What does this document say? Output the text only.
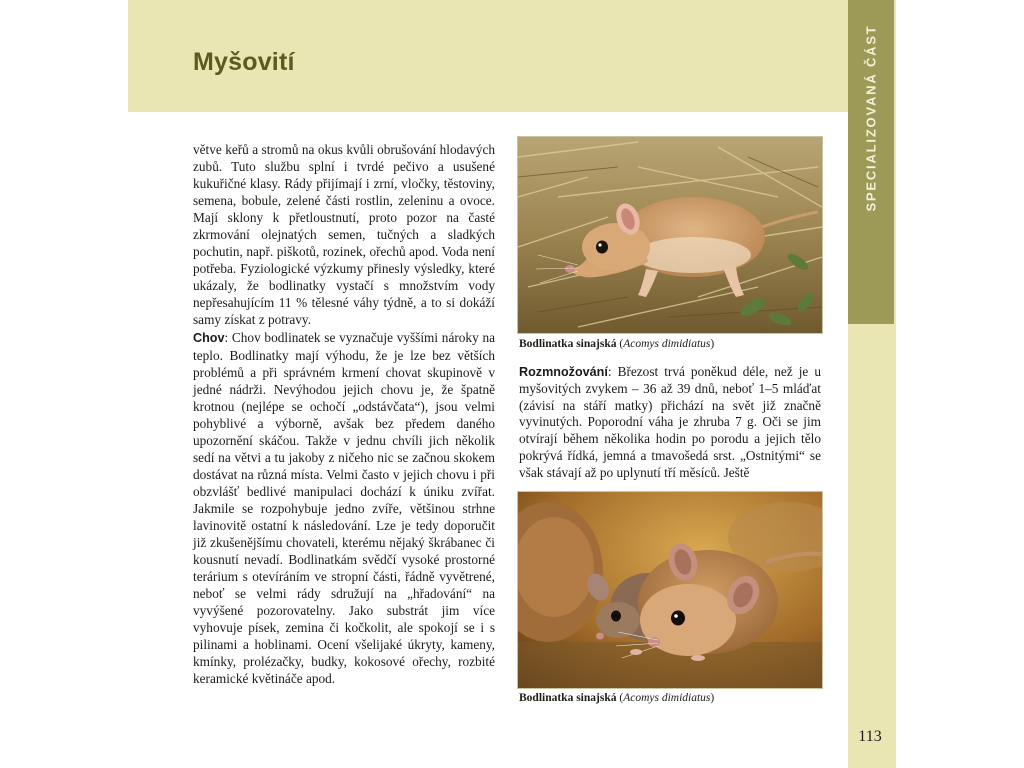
Myšovití	SPECIALIZOVANÁ ČÁST
113

větve keřů a stromů na okus kvůli obrušování hlodavých zubů. Tuto službu splní i tvrdé pečivo a usušené kukuřičné klasy. Rády přijímají i zrní, vločky, těstoviny, semena, bobule, zelené části rostlin, zeleninu a ovoce. Mají sklony k přetloustnutí, proto pozor na časté zkrmování olejnatých semen, tučných a sladkých pochutin, např. piškotů, rozinek, ořechů apod. Voda není potřeba. Fyziologické výzkumy přinesly výsledky, které ukázaly, že bodlinatky vystačí s množstvím vody nepřesahujícím 11 % tělesné váhy týdně, a to si dokáží samy získat z potravy.

Chov: Chov bodlinatek se vyznačuje vyššími nároky na teplo. Bodlinatky mají výhodu, že je lze bez větších problémů a při správném krmení chovat skupinově v jedné nádrži. Nevýhodou jejich chovu je, že špatně krotnou (nejlépe se ochočí „odstávčata“), jsou velmi pohyblivé a výborně, avšak bez předem daného upozornění skáčou. Takže v jednu chvíli jich několik sedí na větvi a tu jakoby z ničeho nic se začnou skokem dostávat na různá místa. Velmi často v jejich chovu i při obzvlášť bedlivé manipulaci dochází k úniku zvířat. Jakmile se rozpohybuje jedno zvíře, většinou strhne lavinovitě ostatní k následování. Lze je tedy doporučit již zkušenějšímu chovateli, kterému nějaký škrábanec či kousnutí nevadí. Bodlinatkám svědčí vysoké prostorné terárium s otevíráním ve stropní části, řádně vyvětrené, neboť se velmi rády sdružují na „hřadování“ na vyvýšené pozorovatelny. Jako substrát jim více vyhovuje písek, zemina či kočkolit, ale spokojí se i s pilinami a hoblinami. Ocení všelijaké úkryty, kameny, kmínky, prolézačky, budky, kokosové ořechy, rozbité keramické květináče apod.

Bodlinatka sinajská (Acomys dimidiatus)

Rozmnožování: Březost trvá poněkud déle, než je u myšovitých zvykem – 36 až 39 dnů, neboť 1–5 mláďat (závisí na stáří matky) přichází na svět již značně vyvinutých. Poporodní váha je zhruba 7 g. Oči se jim otvírají během několika hodin po porodu a jejich tělo pokrývá řídká, jemná a tmavošedá srst. „Ostnitými“ se však stávají až po uplynutí tří měsíců. Ještě

Bodlinatka sinajská (Acomys dimidiatus)
